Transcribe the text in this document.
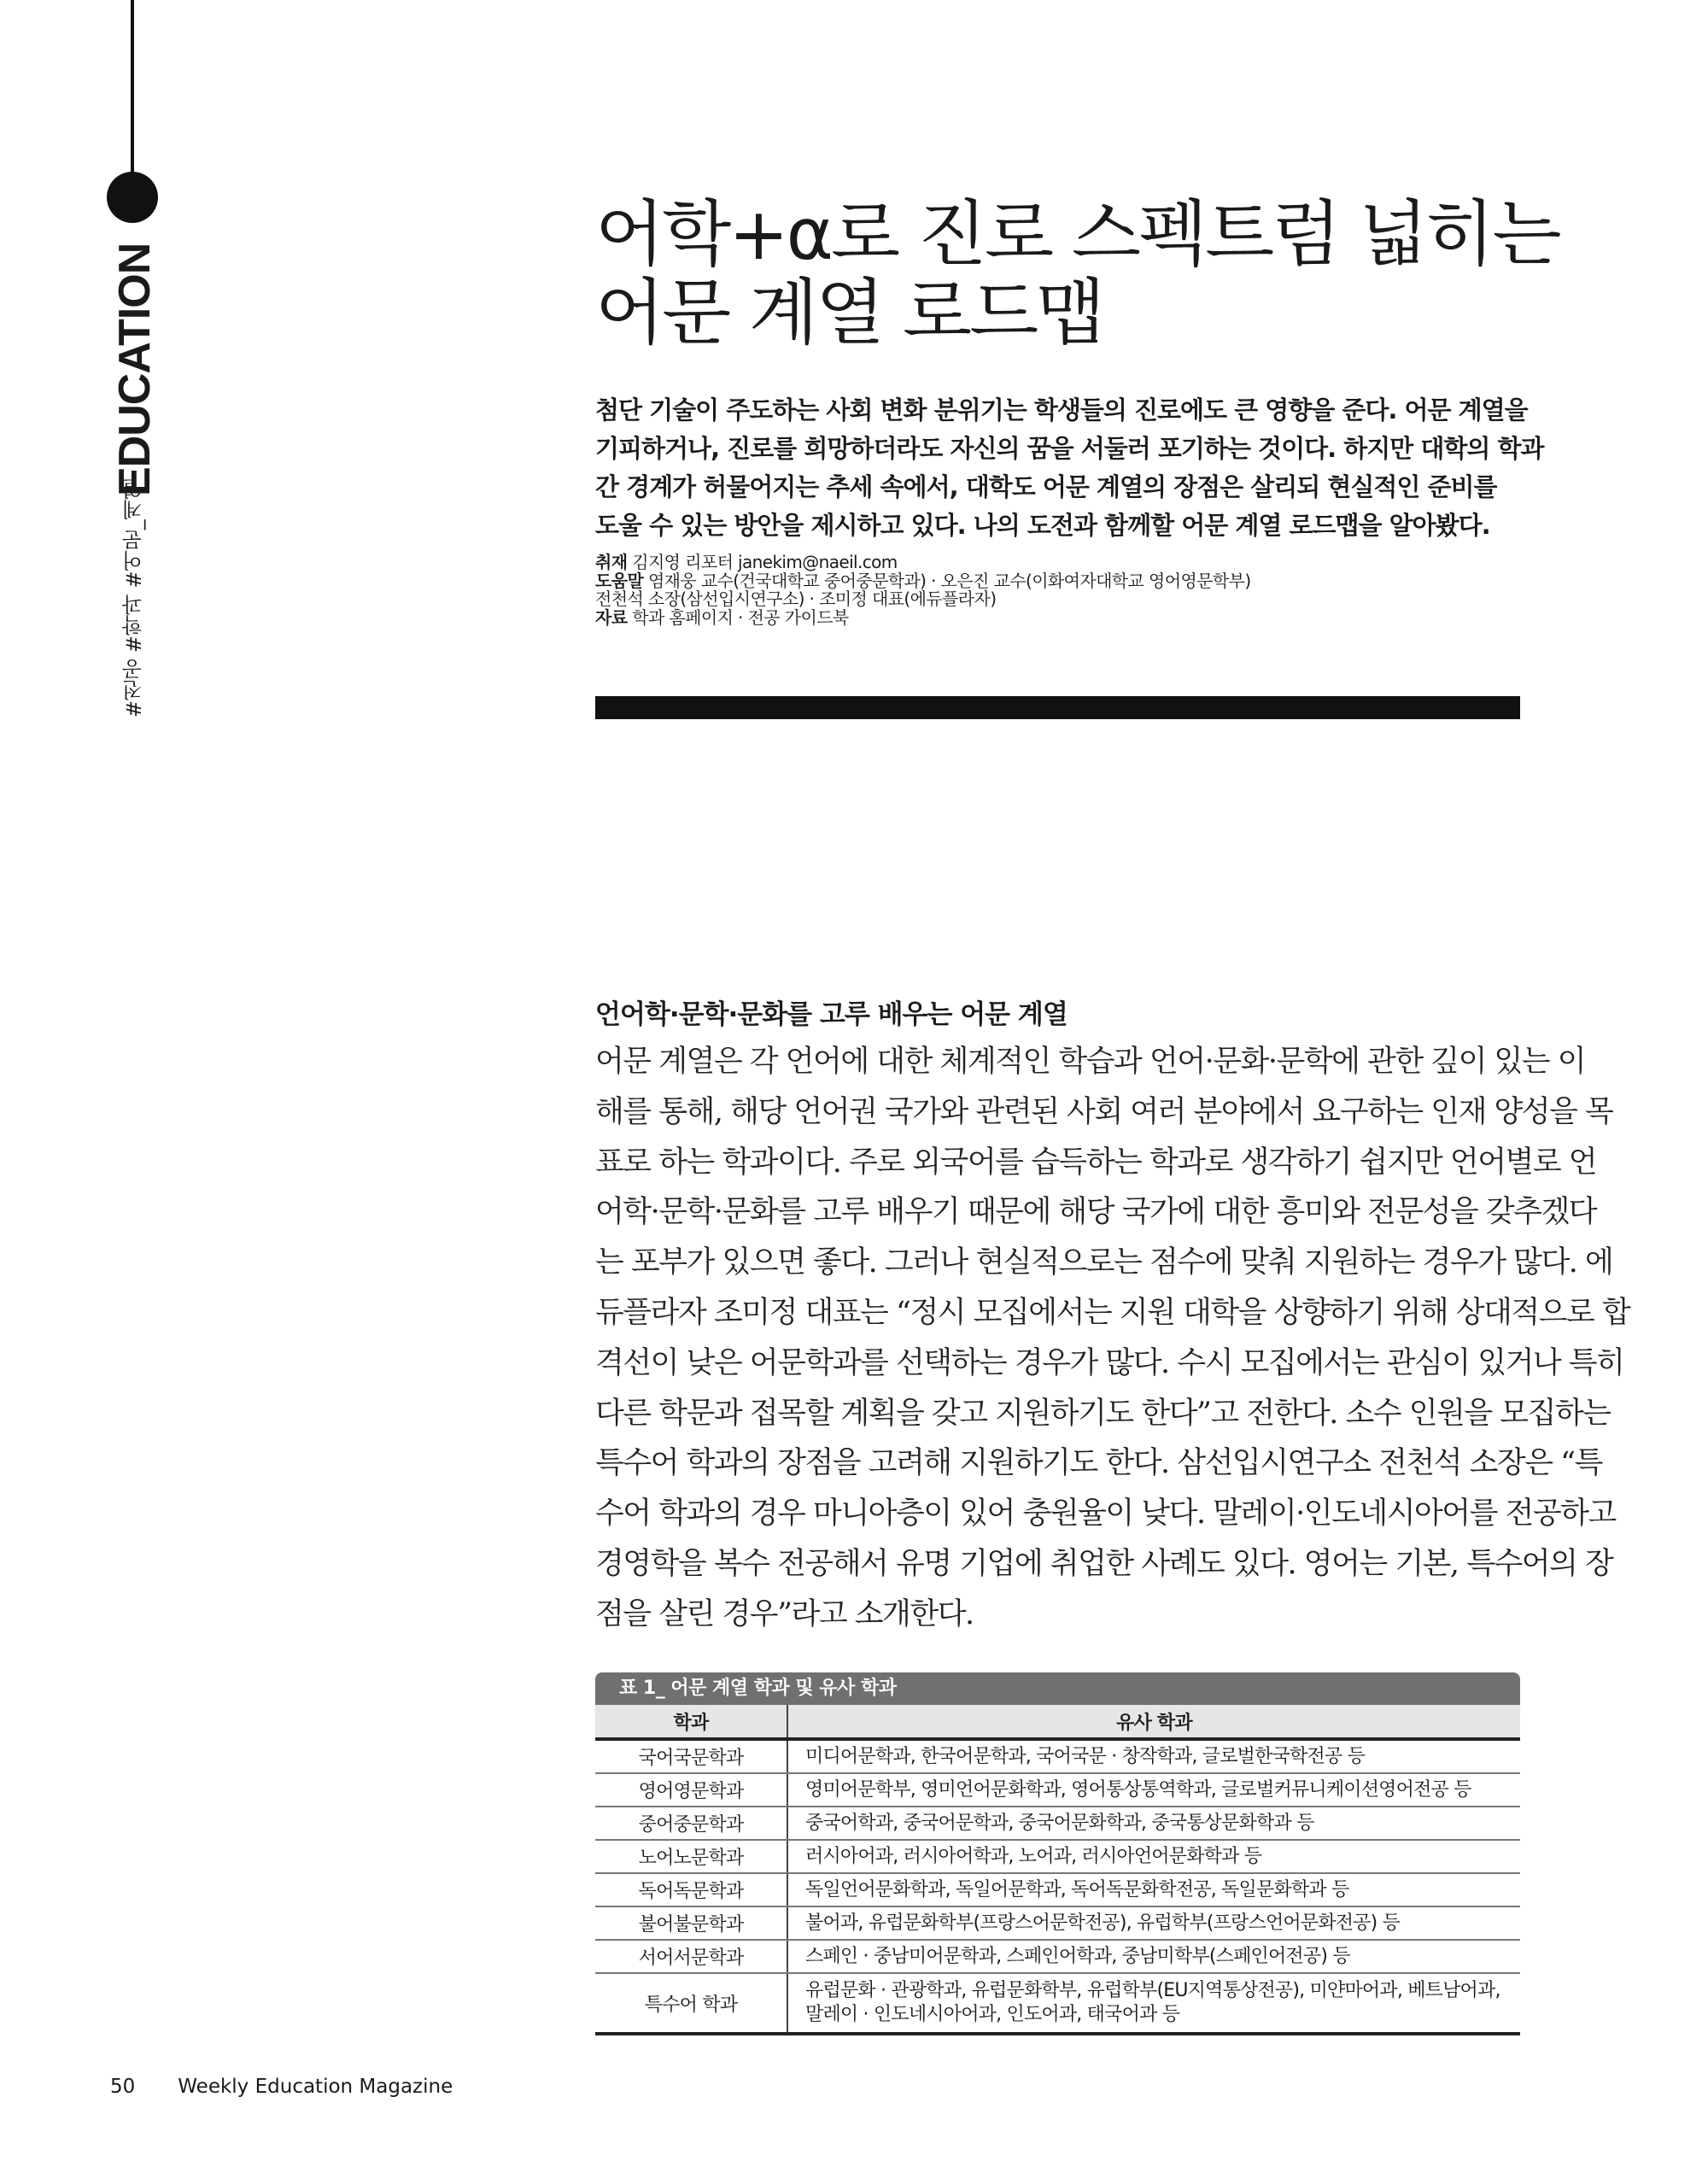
EDUCATION
#전공 #학과 #어문_계열
어학+α로 진로 스펙트럼 넓히는
어문 계열 로드맵
첨단 기술이 주도하는 사회 변화 분위기는 학생들의 진로에도 큰 영향을 준다. 어문 계열을
기피하거나, 진로를 희망하더라도 자신의 꿈을 서둘러 포기하는 것이다. 하지만 대학의 학과
간 경계가 허물어지는 추세 속에서, 대학도 어문 계열의 장점은 살리되 현실적인 준비를
도울 수 있는 방안을 제시하고 있다. 나의 도전과 함께할 어문 계열 로드맵을 알아봤다.
취재 김지영 리포터 janekim@naeil.com
도움말 염재웅 교수(건국대학교 중어중문학과) · 오은진 교수(이화여자대학교 영어영문학부)
전천석 소장(삼선입시연구소) · 조미정 대표(에듀플라자)
자료 학과 홈페이지 · 전공 가이드북
언어학·문학·문화를 고루 배우는 어문 계열
어문 계열은 각 언어에 대한 체계적인 학습과 언어·문화·문학에 관한 깊이 있는 이
해를 통해, 해당 언어권 국가와 관련된 사회 여러 분야에서 요구하는 인재 양성을 목
표로 하는 학과이다. 주로 외국어를 습득하는 학과로 생각하기 쉽지만 언어별로 언
어학·문학·문화를 고루 배우기 때문에 해당 국가에 대한 흥미와 전문성을 갖추겠다
는 포부가 있으면 좋다. 그러나 현실적으로는 점수에 맞춰 지원하는 경우가 많다. 에
듀플라자 조미정 대표는 “정시 모집에서는 지원 대학을 상향하기 위해 상대적으로 합
격선이 낮은 어문학과를 선택하는 경우가 많다. 수시 모집에서는 관심이 있거나 특히
다른 학문과 접목할 계획을 갖고 지원하기도 한다”고 전한다. 소수 인원을 모집하는
특수어 학과의 장점을 고려해 지원하기도 한다. 삼선입시연구소 전천석 소장은 “특
수어 학과의 경우 마니아층이 있어 충원율이 낮다. 말레이·인도네시아어를 전공하고
경영학을 복수 전공해서 유명 기업에 취업한 사례도 있다. 영어는 기본, 특수어의 장
점을 살린 경우”라고 소개한다.
표 1_ 어문 계열 학과 및 유사 학과
학과	유사 학과
국어국문학과	미디어문학과, 한국어문학과, 국어국문 · 창작학과, 글로벌한국학전공 등
영어영문학과	영미어문학부, 영미언어문화학과, 영어통상통역학과, 글로벌커뮤니케이션영어전공 등
중어중문학과	중국어학과, 중국어문학과, 중국어문화학과, 중국통상문화학과 등
노어노문학과	러시아어과, 러시아어학과, 노어과, 러시아언어문화학과 등
독어독문학과	독일언어문화학과, 독일어문학과, 독어독문화학전공, 독일문화학과 등
불어불문학과	불어과, 유럽문화학부(프랑스어문학전공), 유럽학부(프랑스언어문화전공) 등
서어서문학과	스페인 · 중남미어문학과, 스페인어학과, 중남미학부(스페인어전공) 등
특수어 학과	유럽문화 · 관광학과, 유럽문화학부, 유럽학부(EU지역통상전공), 미얀마어과, 베트남어과,
말레이 · 인도네시아어과, 인도어과, 태국어과 등
50 Weekly Education Magazine
